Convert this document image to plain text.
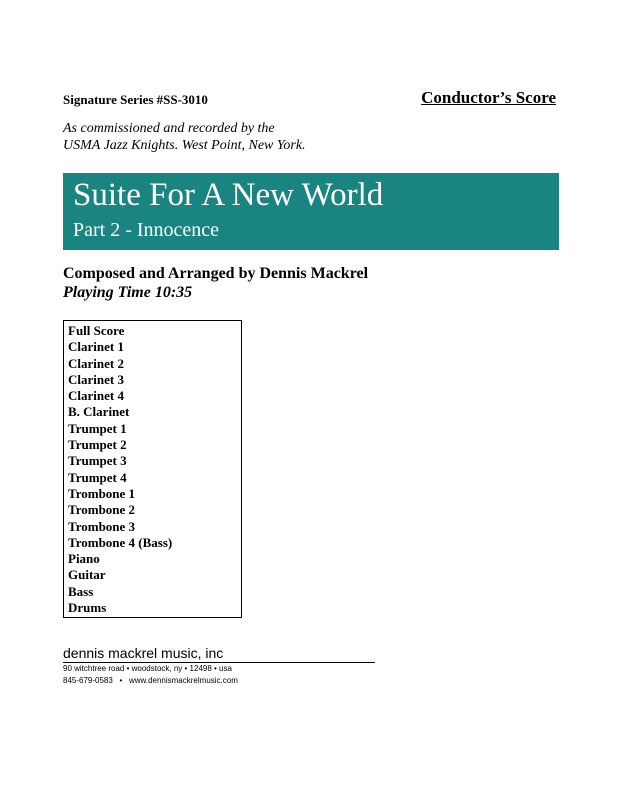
Signature Series #SS-3010	Conductor’s Score
As commissioned and recorded by the
USMA Jazz Knights. West Point, New York.
Suite For A New World
Part 2 - Innocence
Composed and Arranged by Dennis Mackrel
Playing Time 10:35
Full Score
Clarinet 1
Clarinet 2
Clarinet 3
Clarinet 4
B. Clarinet
Trumpet 1
Trumpet 2
Trumpet 3
Trumpet 4
Trombone 1
Trombone 2
Trombone 3
Trombone 4 (Bass)
Piano
Guitar
Bass
Drums
dennis mackrel music, inc
90 witchtree road • woodstock, ny • 12498 • usa
845-679-0583   •   www.dennismackrelmusic.com
